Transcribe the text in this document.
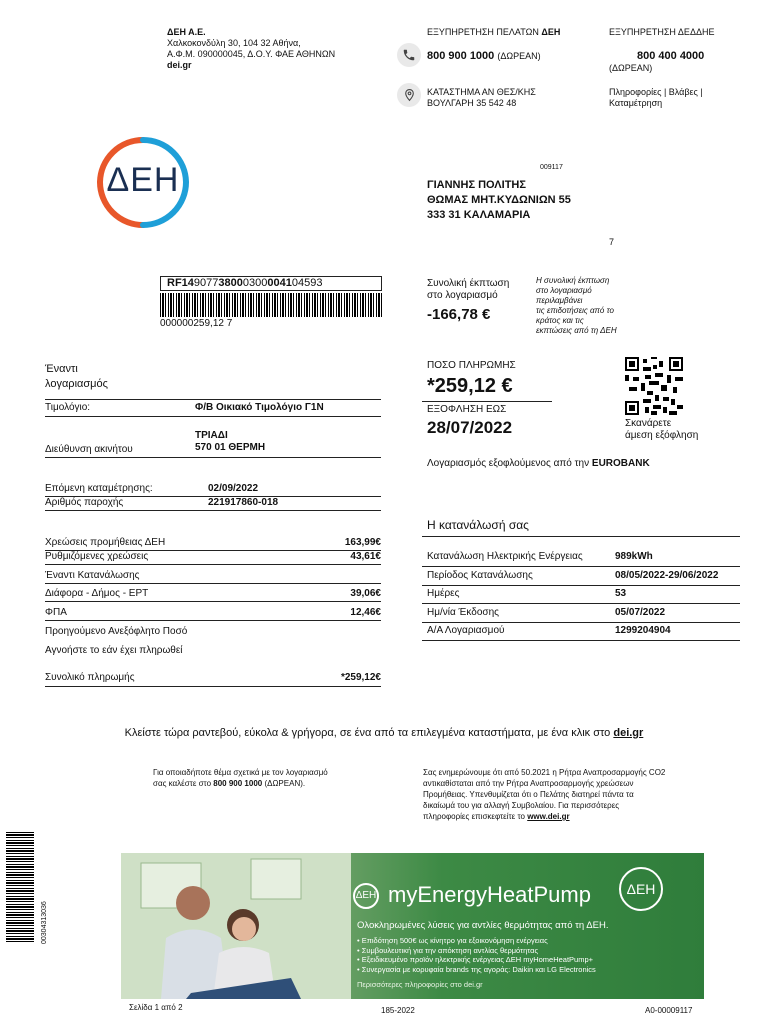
ΔΕΗ Α.Ε.
Χαλκοκονδύλη 30, 104 32 Αθήνα,
Α.Φ.Μ. 090000045, Δ.Ο.Υ. ΦΑΕ ΑΘΗΝΩΝ
dei.gr
ΕΞΥΠΗΡΕΤΗΣΗ ΠΕΛΑΤΩΝ ΔΕΗ
800 900 1000 (ΔΩΡΕΑΝ)
ΚΑΤΑΣΤΗΜΑ ΑΝ ΘΕΣ/ΚΗΣ
ΒΟΥΛΓΑΡΗ 35 542 48
ΕΞΥΠΗΡΕΤΗΣΗ ΔΕΔΔΗΕ
800 400 4000
(ΔΩΡΕΑΝ)
Πληροφορίες | Βλάβες |
Καταμέτρηση
ΔΕΗ	009117
ΓΙΑΝΝΗΣ ΠΟΛΙΤΗΣ
ΘΩΜΑΣ ΜΗΤ.ΚΥΔΩΝΙΩΝ 55
333 31 ΚΑΛΑΜΑΡΙΑ
7
RF14907738000300004104593
000000259,12 7
Συνολική έκπτωση
στο λογαριασμό
-166,78 €
Η συνολική έκπτωση
στο λογαριασμό
περιλαμβάνει
τις επιδοτήσεις από το
κράτος και τις
εκπτώσεις από τη ΔΕΗ
Έναντι
λογαριασμός
Τιμολόγιο:	Φ/Β Οικιακό Τιμολόγιο Γ1Ν
ΤΡΙΑΔΙ
570 01 ΘΕΡΜΗ
Διεύθυνση ακινήτου
Επόμενη καταμέτρησης:	02/09/2022
Αριθμός παροχής	221917860-018
Χρεώσεις προμήθειας ΔΕΗ	163,99€
Ρυθμιζόμενες χρεώσεις	43,61€
Έναντι Κατανάλωσης
Διάφορα - Δήμος - ΕΡΤ	39,06€
ΦΠΑ	12,46€
Προηγούμενο Ανεξόφλητο Ποσό
Αγνοήστε το εάν έχει πληρωθεί
Συνολικό πληρωμής	*259,12€
ΠΟΣΟ ΠΛΗΡΩΜΗΣ
*259,12 €
ΕΞΟΦΛΗΣΗ ΕΩΣ
28/07/2022	Σκανάρετε
άμεση εξόφληση
Λογαριασμός εξοφλούμενος από την EUROBANK
Η κατανάλωσή σας
Κατανάλωση Ηλεκτρικής Ενέργειας	989kWh
Περίοδος Κατανάλωσης	08/05/2022-29/06/2022
Ημέρες	53
Ημ/νία Έκδοσης	05/07/2022
Α/Α Λογαριασμού	1299204904
Κλείστε τώρα ραντεβού, εύκολα & γρήγορα, σε ένα από τα επιλεγμένα καταστήματα, με ένα κλικ στο dei.gr
Για οποιαδήποτε θέμα σχετικά με τον λογαριασμό
σας καλέστε στο 800 900 1000 (ΔΩΡΕΑΝ).
Σας ενημερώνουμε ότι από 50.2021 η Ρήτρα Αναπροσαρμογής CO2
αντικαθίσταται από την Ρήτρα Αναπροσαρμογής χρεώσεων
Προμήθειας. Υπενθυμίζεται ότι ο Πελάτης διατηρεί πάντα τα
δικαίωμά του για αλλαγή Συμβολαίου. Για περισσότερες
πληροφορίες επισκεφτείτε το www.dei.gr
00304313036
ΔΕΗ myEnergyHeatPump	ΔΕΗ
Ολοκληρωμένες λύσεις για αντλίες θερμότητας από τη ΔΕΗ.
• Επιδότηση 500€ ως κίνητρο για εξοικονόμηση ενέργειας
• Συμβουλευτική για την απόκτηση αντλίας θερμότητας
• Εξειδικευμένο προϊόν ηλεκτρικής ενέργειας ΔΕΗ myHomeHeatPump+
• Συνεργασία με κορυφαία brands της αγοράς: Daikin και LG Electronics
Περισσότερες πληροφορίες στο dei.gr
Σελίδα 1 από 2	185-2022	A0-00009117
